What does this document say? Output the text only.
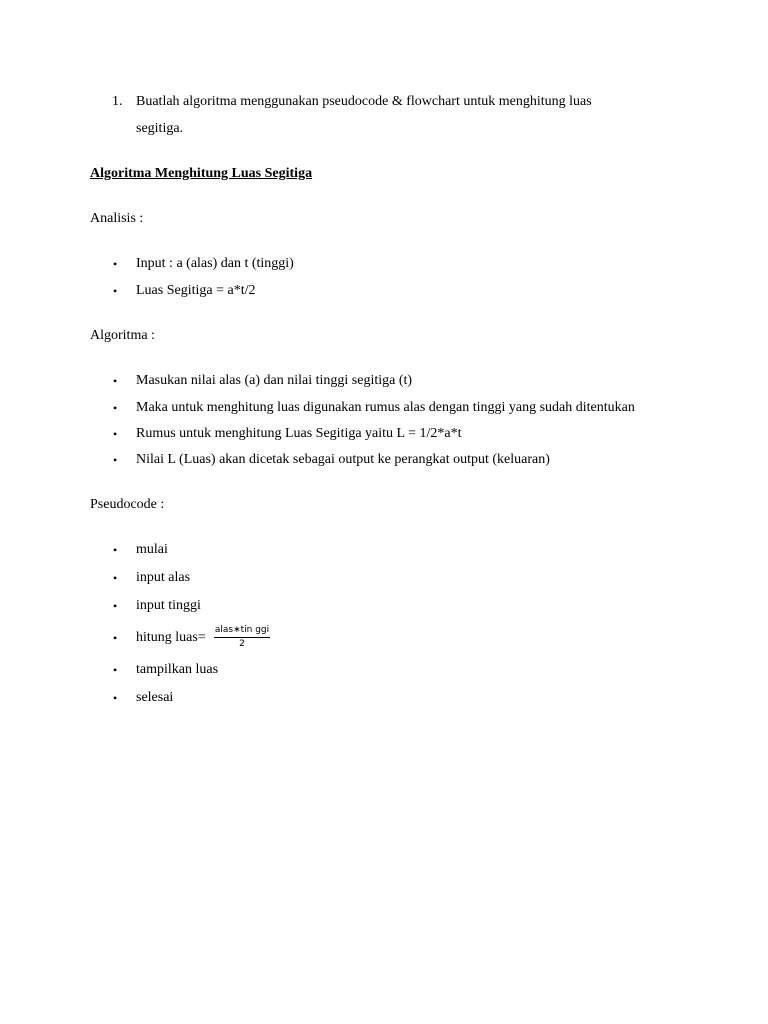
1. Buatlah algoritma menggunakan pseudocode & flowchart untuk menghitung luas
segitiga.
Algoritma Menghitung Luas Segitiga
Analisis :
• Input : a (alas) dan t (tinggi)
• Luas Segitiga = a*t/2
Algoritma :
• Masukan nilai alas (a) dan nilai tinggi segitiga (t)
• Maka untuk menghitung luas digunakan rumus alas dengan tinggi yang sudah ditentukan
• Rumus untuk menghitung Luas Segitiga yaitu L = 1/2*a*t
• Nilai L (Luas) akan dicetak sebagai output ke perangkat output (keluaran)
Pseudocode :
• mulai
• input alas
• input tinggi
• hitung luas= alas∗tin ggi
2
• tampilkan luas
• selesai
